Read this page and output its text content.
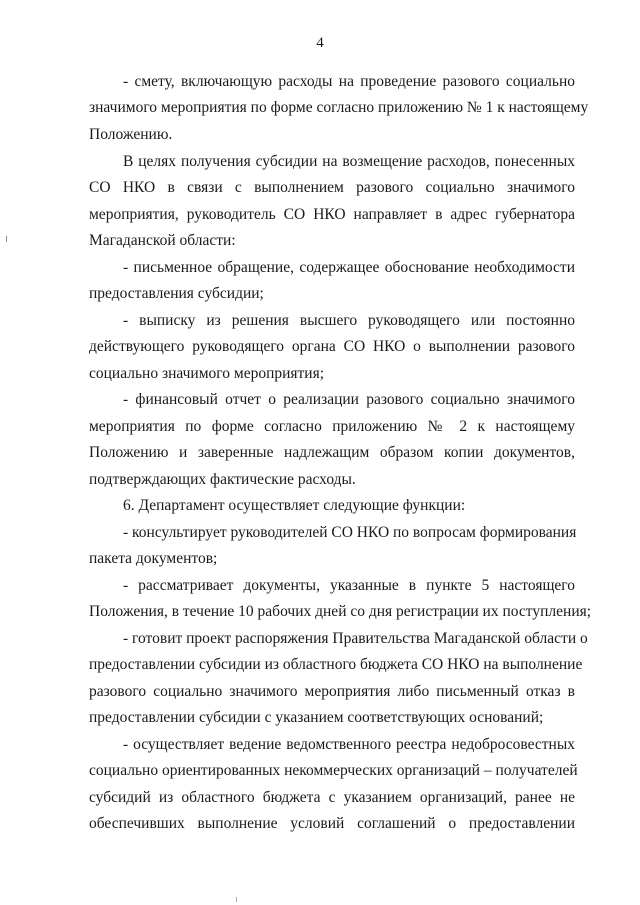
4
- смету, включающую расходы на проведение разового социально
значимого мероприятия по форме согласно приложению № 1 к настоящему
Положению.
В целях получения субсидии на возмещение расходов, понесенных
СО НКО в связи с выполнением разового социально значимого
мероприятия, руководитель СО НКО направляет в адрес губернатора
Магаданской области:
- письменное обращение, содержащее обоснование необходимости
предоставления субсидии;
- выписку из решения высшего руководящего или постоянно
действующего руководящего органа СО НКО о выполнении разового
социально значимого мероприятия;
- финансовый отчет о реализации разового социально значимого
мероприятия по форме согласно приложению № 2 к настоящему
Положению и заверенные надлежащим образом копии документов,
подтверждающих фактические расходы.
6. Департамент осуществляет следующие функции:
- консультирует руководителей СО НКО по вопросам формирования
пакета документов;
- рассматривает документы, указанные в пункте 5 настоящего
Положения, в течение 10 рабочих дней со дня регистрации их поступления;
- готовит проект распоряжения Правительства Магаданской области о
предоставлении субсидии из областного бюджета СО НКО на выполнение
разового социально значимого мероприятия либо письменный отказ в
предоставлении субсидии с указанием соответствующих оснований;
- осуществляет ведение ведомственного реестра недобросовестных
социально ориентированных некоммерческих организаций – получателей
субсидий из областного бюджета с указанием организаций, ранее не
обеспечивших выполнение условий соглашений о предоставлении
